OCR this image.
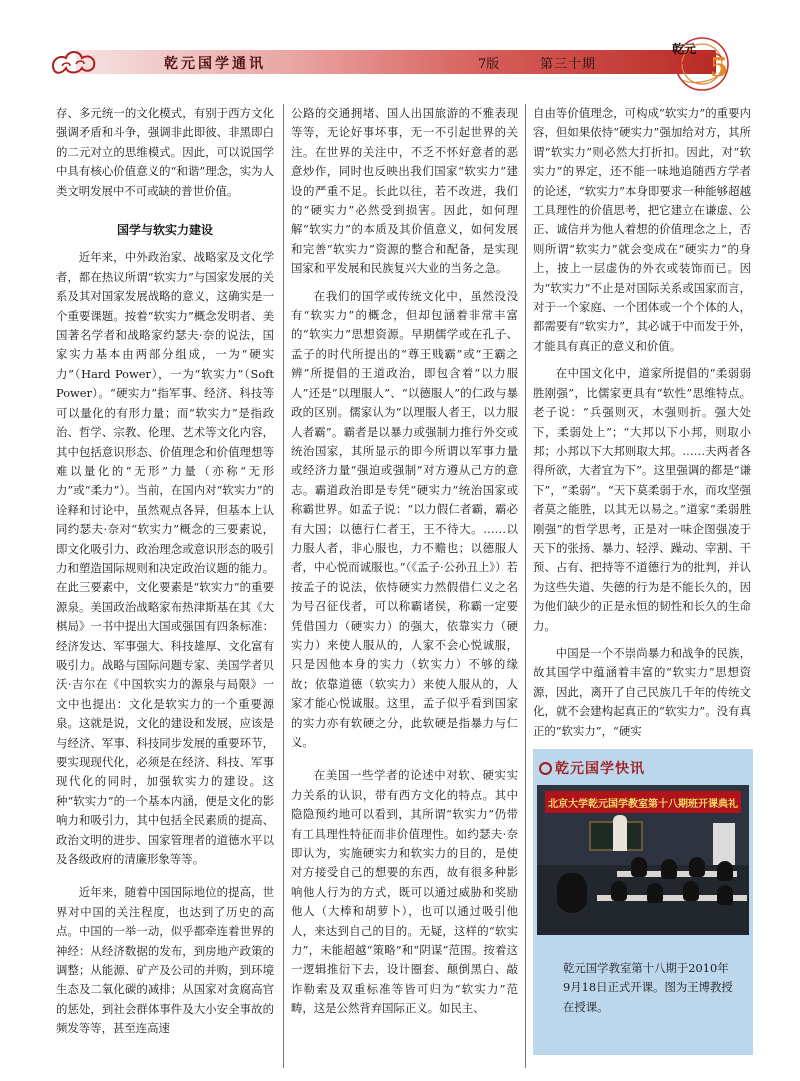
乾元国学通讯	7版	第三十期	5
乾元

存、多元统一的文化模式，有别于西方文化强调矛盾和斗争，强调非此即彼、非黑即白的二元对立的思维模式。因此，可以说国学中具有核心价值意义的“和谐”理念，实为人类文明发展中不可或缺的普世价值。

国学与软实力建设

近年来，中外政治家、战略家及文化学者，都在热议所谓“软实力”与国家发展的关系及其对国家发展战略的意义，这确实是一个重要课题。按着“软实力”概念发明者、美国著名学者和战略家约瑟夫·奈的说法，国家实力基本由两部分组成，一为“硬实力”（Hard Power），一为“软实力”（Soft Power）。“硬实力”指军事、经济、科技等可以量化的有形力量；而“软实力”是指政治、哲学、宗教、伦理、艺术等文化内容，其中包括意识形态、价值理念和价值理想等难以量化的“无形”力量（亦称“无形力”或“柔力”）。当前，在国内对“软实力”的诠释和讨论中，虽然观点各异，但基本上认同约瑟夫·奈对“软实力”概念的三要素说，即文化吸引力、政治理念或意识形态的吸引力和塑造国际规则和决定政治议题的能力。在此三要素中，文化要素是“软实力”的重要源泉。美国政治战略家布热津斯基在其《大棋局》一书中提出大国或强国有四条标准：经济发达、军事强大、科技雄厚、文化富有吸引力。战略与国际问题专家、美国学者贝沃·吉尔在《中国软实力的源泉与局限》一文中也提出：文化是软实力的一个重要源泉。这就是说，文化的建设和发展，应该是与经济、军事、科技同步发展的重要环节，要实现现代化，必须是在经济、科技、军事现代化的同时，加强软实力的建设。这种“软实力”的一个基本内涵，便是文化的影响力和吸引力，其中包括全民素质的提高、政治文明的进步、国家管理者的道德水平以及各级政府的清廉形象等等。

近年来，随着中国国际地位的提高，世界对中国的关注程度，也达到了历史的高点。中国的一举一动，似乎都牵连着世界的神经：从经济数据的发布，到房地产政策的调整；从能源、矿产及公司的并购，到环境生态及二氧化碳的减排；从国家对贪腐高官的惩处，到社会群体事件及大小安全事故的频发等等，甚至连高速

公路的交通拥堵、国人出国旅游的不雅表现等等，无论好事坏事，无一不引起世界的关注。在世界的关注中，不乏不怀好意者的恶意炒作，同时也反映出我们国家“软实力”建设的严重不足。长此以往，若不改进，我们的“硬实力”必然受到损害。因此，如何理解“软实力”的本质及其价值意义，如何发展和完善“软实力”资源的整合和配备，是实现国家和平发展和民族复兴大业的当务之急。

在我们的国学或传统文化中，虽然没没有“软实力”的概念，但却包涵着非常丰富的“软实力”思想资源。早期儒学或在孔子、孟子的时代所提出的“尊王贱霸”或“王霸之辨”所提倡的王道政治，即包含着“以力服人”还是“以理服人”、“以德服人”的仁政与暴政的区别。儒家认为“以理服人者王，以力服人者霸”。霸者是以暴力或强制力推行外交或统治国家，其所显示的即今所谓以军事力量或经济力量“强迫或强制”对方遵从己方的意志。霸道政治即是专凭“硬实力”统治国家或称霸世界。如孟子说：“以力假仁者霸，霸必有大国；以德行仁者王，王不待大。……以力服人者，非心服也，力不赡也；以德服人者，中心悦而诚服也。”（《孟子·公孙丑上》）若按孟子的说法，依恃硬实力然假借仁义之名为号召征伐者，可以称霸诸侯，称霸一定要凭借国力（硬实力）的强大，依靠实力（硬实力）来使人服从的，人家不会心悦诚服，只是因他本身的实力（软实力）不够的缘故；依靠道德（软实力）来使人服从的，人家才能心悦诚服。这里，孟子似乎看到国家的实力亦有软硬之分，此软硬是指暴力与仁义。

在美国一些学者的论述中对软、硬实实力关系的认识，带有西方文化的特点。其中隐隐预约地可以看到，其所谓“软实力”仍带有工具理性特征而非价值理性。如约瑟夫·奈即认为，实施硬实力和软实力的目的，是使对方接受自己的想要的东西，故有很多种影响他人行为的方式，既可以通过威胁和奖励他人（大棒和胡萝卜），也可以通过吸引他人，来达到自己的目的。无疑，这样的“软实力”，未能超越“策略”和“阴谋”范围。按着这一逻辑推衍下去，设计圈套、颠倒黑白、敲诈勒索及双重标准等皆可归为“软实力”范畴，这是公然背弃国际正义。如民主、

自由等价值理念，可构成“软实力”的重要内容，但如果依恃“硬实力”强加给对方，其所谓“软实力”则必然大打折扣。因此，对“软实力”的界定，还不能一味地追随西方学者的论述，“软实力”本身即要求一种能够超越工具理性的价值思考，把它建立在谦虚、公正、诚信并为他人着想的价值理念之上，否则所谓“软实力”就会变成在“硬实力”的身上，披上一层虚伪的外衣或装饰而已。因为“软实力”不止是对国际关系或国家而言，对于一个家庭、一个团体或一个个体的人，都需要有“软实力”，其必诚于中而发于外，才能具有真正的意义和价值。

在中国文化中，道家所提倡的“柔弱弱胜刚强”，比儒家更具有“软性”思维特点。老子说：“兵强则灭，木强则折。强大处下，柔弱处上”；“大邦以下小邦，则取小邦；小邦以下大邦则取大邦。……夫两者各得所欲，大者宜为下”。这里强调的都是“谦下”，“柔弱”。“天下莫柔弱于水，而攻坚强者莫之能胜，以其无以易之。”道家“柔弱胜刚强”的哲学思考，正是对一味企图强凌于天下的张扬、暴力、轻浮、躁动、宰割、干预、占有、把持等不道德行为的批判，并认为这些失道、失德的行为是不能长久的，因为他们缺少的正是永恒的韧性和长久的生命力。

中国是一个不崇尚暴力和战争的民族，故其国学中蕴涵着丰富的“软实力”思想资源，因此，离开了自己民族几千年的传统文化，就不会建构起真正的“软实力”。没有真正的“软实力”，“硬实

乾元国学快讯
北京大学乾元国学教室第十八期班开课典礼
乾元国学教室第十八期于2010年9月18日正式开课。图为王博教授在授课。
